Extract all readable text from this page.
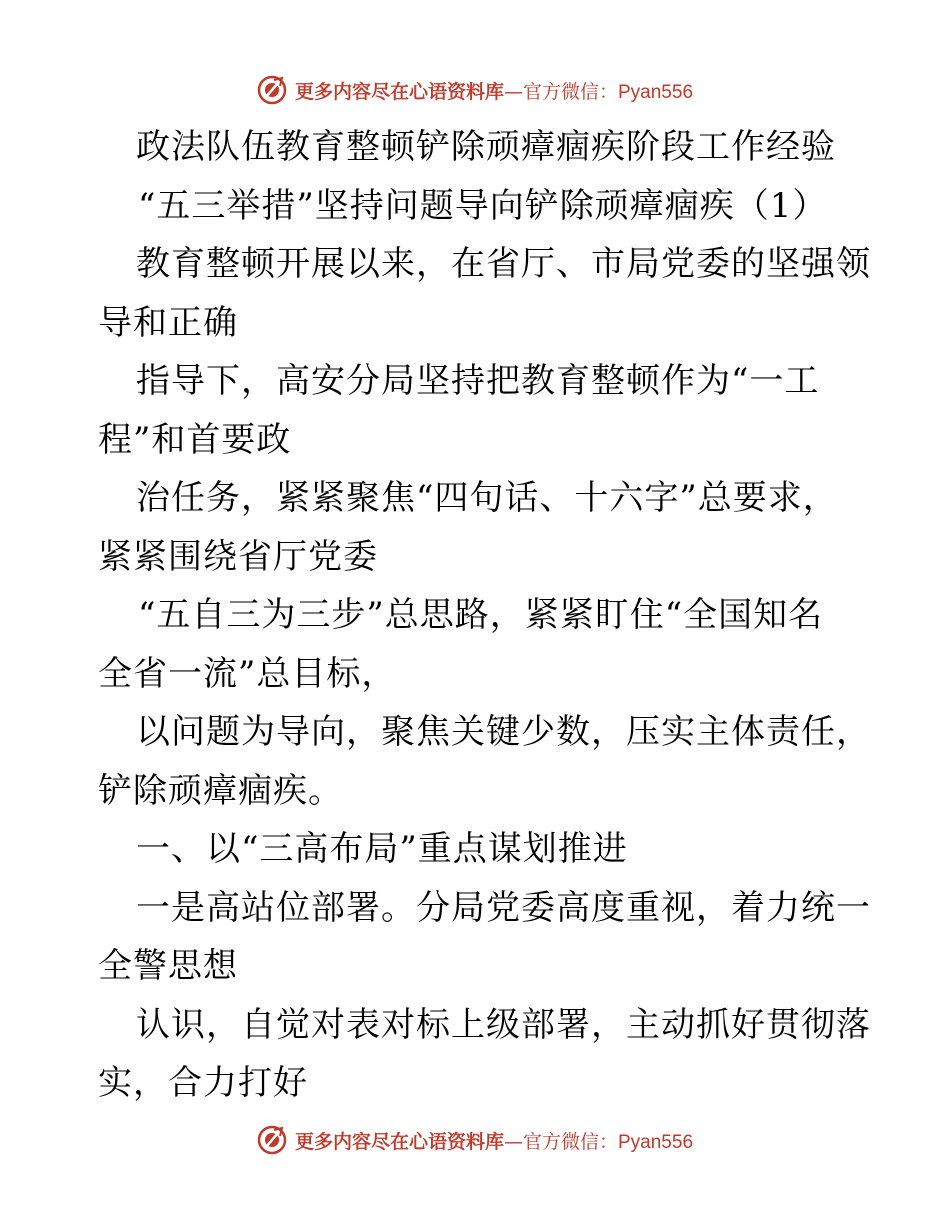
更多内容尽在心语资料库—官方微信：Pyan556
政法队伍教育整顿铲除顽瘴痼疾阶段工作经验
“五三举措”坚持问题导向铲除顽瘴痼疾（1）
教育整顿开展以来，在省厅、市局党委的坚强领
导和正确
指导下，高安分局坚持把教育整顿作为“一工
程”和首要政
治任务，紧紧聚焦“四句话、十六字”总要求，
紧紧围绕省厅党委
“五自三为三步”总思路，紧紧盯住“全国知名
全省一流”总目标，
以问题为导向，聚焦关键少数，压实主体责任，
铲除顽瘴痼疾。
一、以“三高布局”重点谋划推进
一是高站位部署。分局党委高度重视，着力统一
全警思想
认识，自觉对表对标上级部署，主动抓好贯彻落
实，合力打好
更多内容尽在心语资料库—官方微信：Pyan556
